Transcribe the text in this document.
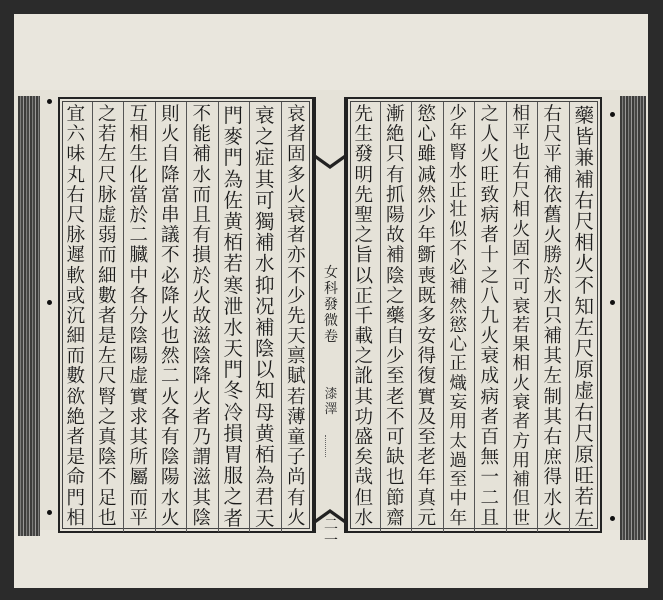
哀
者
固
多
火
衰
者
亦
不
少
先
天
禀
賦
若
薄
童
子
尚
有
火
衰
之
症
其
可
獨
補
水
抑
况
補
陰
以
知
母
黄
栢
為
君
天
門
麥
門
為
佐
黄
栢
若
寒
泄
水
天
門
冬
冷
損
胃
服
之
者
不
能
補
水
而
且
有
損
於
火
故
滋
陰
降
火
者
乃
謂
滋
其
陰
則
火
自
降
當
串
議
不
必
降
火
也
然
二
火
各
有
陰
陽
水
火
互
相
生
化
當
於
二
臓
中
各
分
陰
陽
虚
實
求
其
所
屬
而
平
之
若
左
尺
脉
虚
弱
而
細
數
者
是
左
尺
腎
之
真
陰
不
足
也
宜
六
味
丸
右
尺
脉
遲
軟
或
沉
細
而
數
欲
絶
者
是
命
門
相
女
科
發
微
卷
漆
澤
二
一
藥
皆
兼
補
右
尺
相
火
不
知
左
尺
原
虚
右
尺
原
旺
若
左
右
尺
平
補
依
舊
火
勝
於
水
只
補
其
左
制
其
右
庶
得
水
火
相
平
也
右
尺
相
火
固
不
可
衰
若
果
相
火
衰
者
方
用
補
但
世
之
人
火
旺
致
病
者
十
之
八
九
火
衰
成
病
者
百
無
一
二
且
少
年
腎
水
正
壮
似
不
必
補
然
慾
心
正
熾
妄
用
太
過
至
中
年
慾
心
雖
减
然
少
年
斵
喪
既
多
安
得
復
實
及
至
老
年
真
元
漸
絶
只
有
抓
陽
故
補
陰
之
藥
自
少
至
老
不
可
缺
也
節
齋
先
生
發
明
先
聖
之
旨
以
正
千
載
之
訛
其
功
盛
矣
哉
但
水
